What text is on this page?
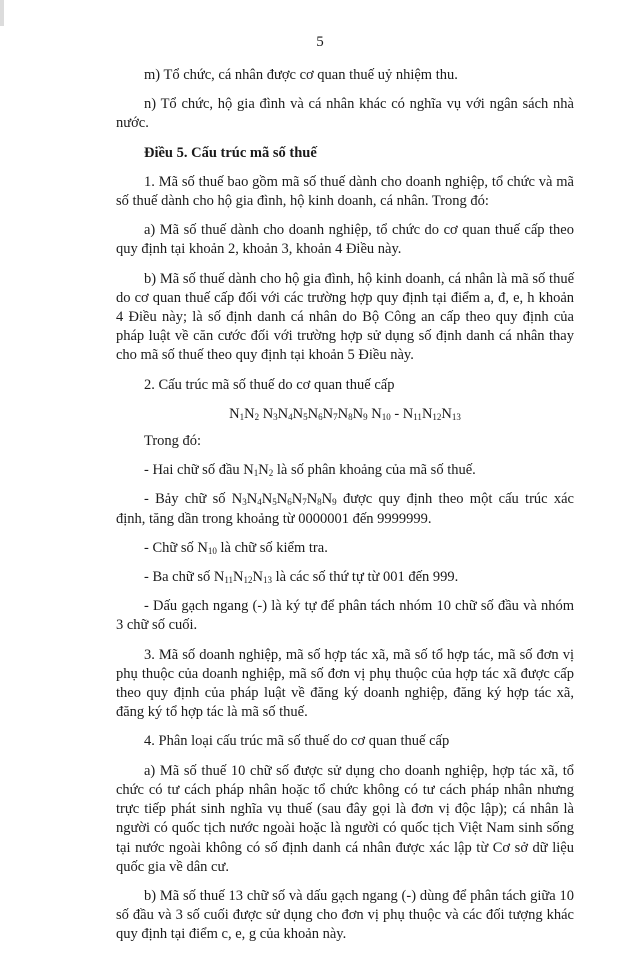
5

m) Tổ chức, cá nhân được cơ quan thuế uỷ nhiệm thu.

n) Tổ chức, hộ gia đình và cá nhân khác có nghĩa vụ với ngân sách nhà nước.

Điều 5. Cấu trúc mã số thuế

1. Mã số thuế bao gồm mã số thuế dành cho doanh nghiệp, tổ chức và mã số thuế dành cho hộ gia đình, hộ kinh doanh, cá nhân. Trong đó:

a) Mã số thuế dành cho doanh nghiệp, tổ chức do cơ quan thuế cấp theo quy định tại khoản 2, khoản 3, khoản 4 Điều này.

b) Mã số thuế dành cho hộ gia đình, hộ kinh doanh, cá nhân là mã số thuế do cơ quan thuế cấp đối với các trường hợp quy định tại điểm a, đ, e, h khoản 4 Điều này; là số định danh cá nhân do Bộ Công an cấp theo quy định của pháp luật về căn cước đối với trường hợp sử dụng số định danh cá nhân thay cho mã số thuế theo quy định tại khoản 5 Điều này.

2. Cấu trúc mã số thuế do cơ quan thuế cấp

$N_1N_2$ $N_3N_4N_5N_6N_7N_8N_9$ $N_{10} - N_{11}N_{12}N_{13}$

Trong đó:

- Hai chữ số đầu $N_1N_2$ là số phân khoảng của mã số thuế.

- Bảy chữ số $N_3N_4N_5N_6N_7N_8N_9$ được quy định theo một cấu trúc xác định, tăng dần trong khoảng từ 0000001 đến 9999999.

- Chữ số $N_{10}$ là chữ số kiểm tra.

- Ba chữ số $N_{11}N_{12}N_{13}$ là các số thứ tự từ 001 đến 999.

- Dấu gạch ngang (-) là ký tự để phân tách nhóm 10 chữ số đầu và nhóm 3 chữ số cuối.

3. Mã số doanh nghiệp, mã số hợp tác xã, mã số tổ hợp tác, mã số đơn vị phụ thuộc của doanh nghiệp, mã số đơn vị phụ thuộc của hợp tác xã được cấp theo quy định của pháp luật về đăng ký doanh nghiệp, đăng ký hợp tác xã, đăng ký tổ hợp tác là mã số thuế.

4. Phân loại cấu trúc mã số thuế do cơ quan thuế cấp

a) Mã số thuế 10 chữ số được sử dụng cho doanh nghiệp, hợp tác xã, tổ chức có tư cách pháp nhân hoặc tổ chức không có tư cách pháp nhân nhưng trực tiếp phát sinh nghĩa vụ thuế (sau đây gọi là đơn vị độc lập); cá nhân là người có quốc tịch nước ngoài hoặc là người có quốc tịch Việt Nam sinh sống tại nước ngoài không có số định danh cá nhân được xác lập từ Cơ sở dữ liệu quốc gia về dân cư.

b) Mã số thuế 13 chữ số và dấu gạch ngang (-) dùng để phân tách giữa 10 số đầu và 3 số cuối được sử dụng cho đơn vị phụ thuộc và các đối tượng khác quy định tại điểm c, e, g của khoản này.
